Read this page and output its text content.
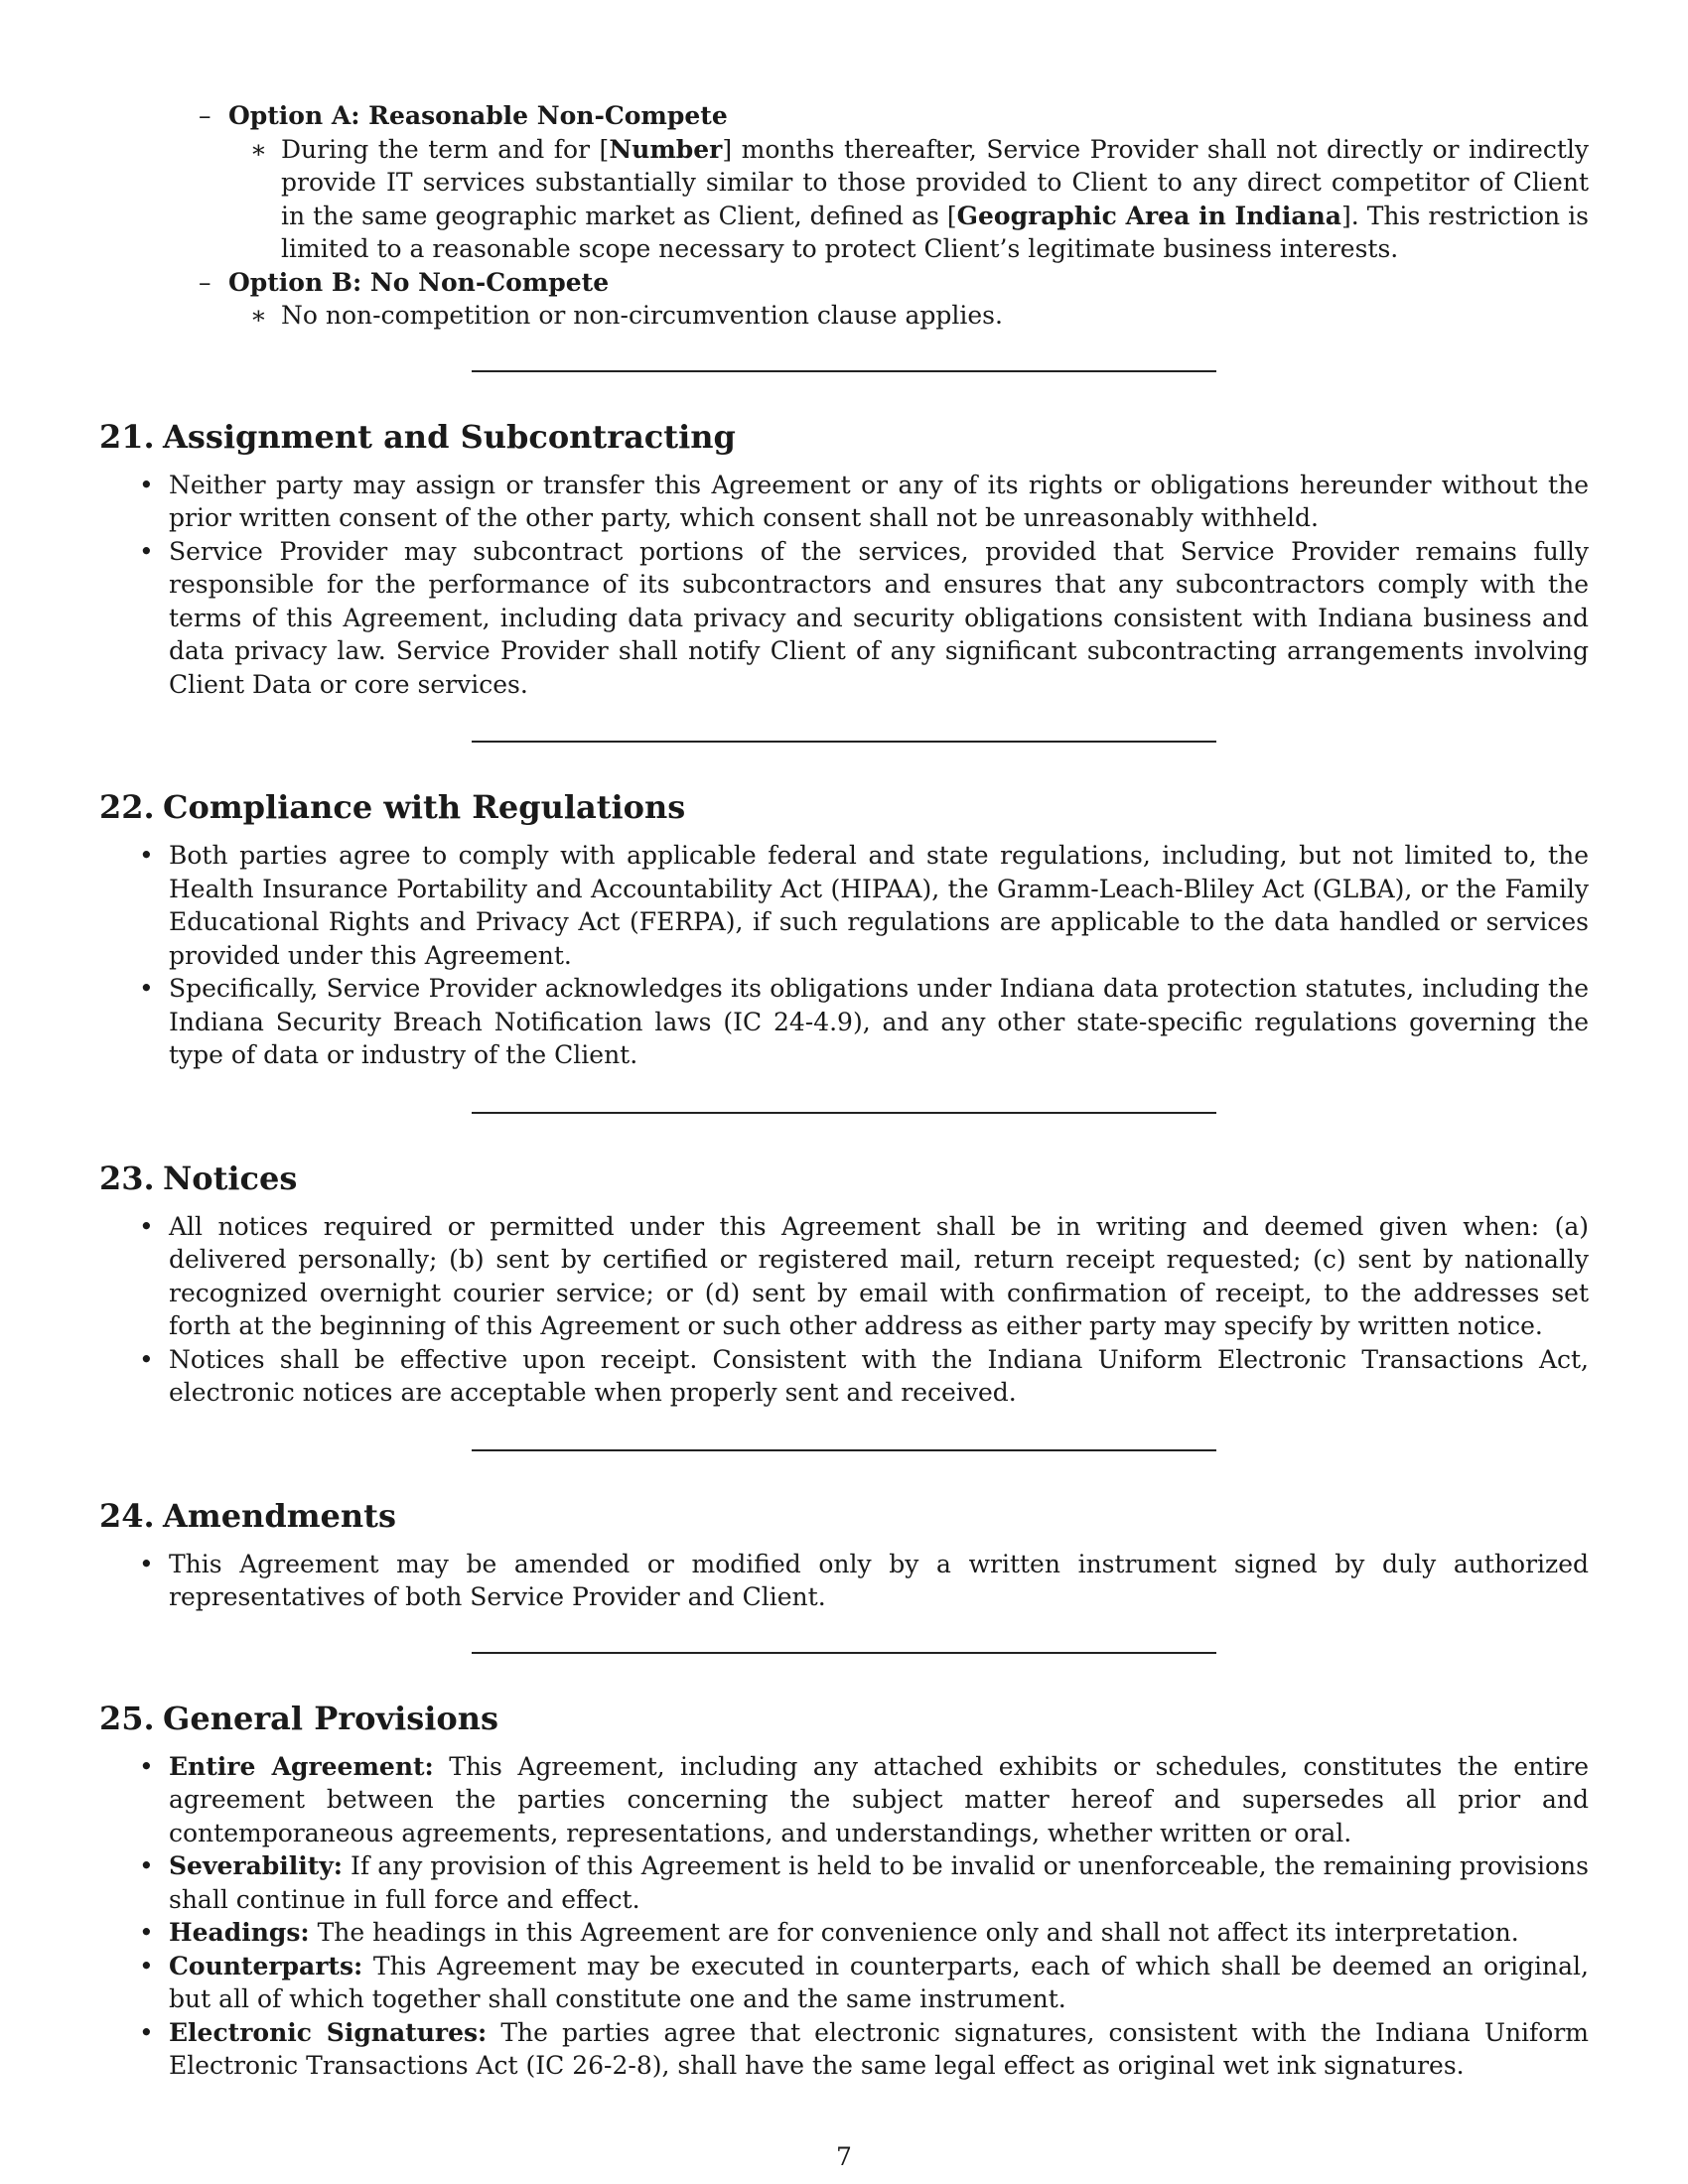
– Option A: Reasonable Non-Compete
∗ During the term and for [Number] months thereafter, Service Provider shall not directly or indirectly provide IT services substantially similar to those provided to Client to any direct competitor of Client in the same geographic market as Client, defined as [Geographic Area in Indiana]. This restriction is limited to a reasonable scope necessary to protect Client’s legitimate business interests.
– Option B: No Non-Compete
∗ No non-competition or non-circumvention clause applies.
21. Assignment and Subcontracting
• Neither party may assign or transfer this Agreement or any of its rights or obligations hereunder without the prior written consent of the other party, which consent shall not be unreasonably withheld.
• Service Provider may subcontract portions of the services, provided that Service Provider remains fully responsible for the performance of its subcontractors and ensures that any subcontractors comply with the terms of this Agreement, including data privacy and security obligations consistent with Indiana business and data privacy law. Service Provider shall notify Client of any significant subcontracting arrangements involving Client Data or core services.
22. Compliance with Regulations
• Both parties agree to comply with applicable federal and state regulations, including, but not limited to, the Health Insurance Portability and Accountability Act (HIPAA), the Gramm-Leach-Bliley Act (GLBA), or the Family Educational Rights and Privacy Act (FERPA), if such regulations are applicable to the data handled or services provided under this Agreement.
• Specifically, Service Provider acknowledges its obligations under Indiana data protection statutes, including the Indiana Security Breach Notification laws (IC 24-4.9), and any other state-specific regulations governing the type of data or industry of the Client.
23. Notices
• All notices required or permitted under this Agreement shall be in writing and deemed given when: (a) delivered personally; (b) sent by certified or registered mail, return receipt requested; (c) sent by nationally recognized overnight courier service; or (d) sent by email with confirmation of receipt, to the addresses set forth at the beginning of this Agreement or such other address as either party may specify by written notice.
• Notices shall be effective upon receipt. Consistent with the Indiana Uniform Electronic Transactions Act, electronic notices are acceptable when properly sent and received.
24. Amendments
• This Agreement may be amended or modified only by a written instrument signed by duly authorized representatives of both Service Provider and Client.
25. General Provisions
• Entire Agreement: This Agreement, including any attached exhibits or schedules, constitutes the entire agreement between the parties concerning the subject matter hereof and supersedes all prior and contemporaneous agreements, representations, and understandings, whether written or oral.
• Severability: If any provision of this Agreement is held to be invalid or unenforceable, the remaining provisions shall continue in full force and effect.
• Headings: The headings in this Agreement are for convenience only and shall not affect its interpretation.
• Counterparts: This Agreement may be executed in counterparts, each of which shall be deemed an original, but all of which together shall constitute one and the same instrument.
• Electronic Signatures: The parties agree that electronic signatures, consistent with the Indiana Uniform Electronic Transactions Act (IC 26-2-8), shall have the same legal effect as original wet ink signatures.
7
